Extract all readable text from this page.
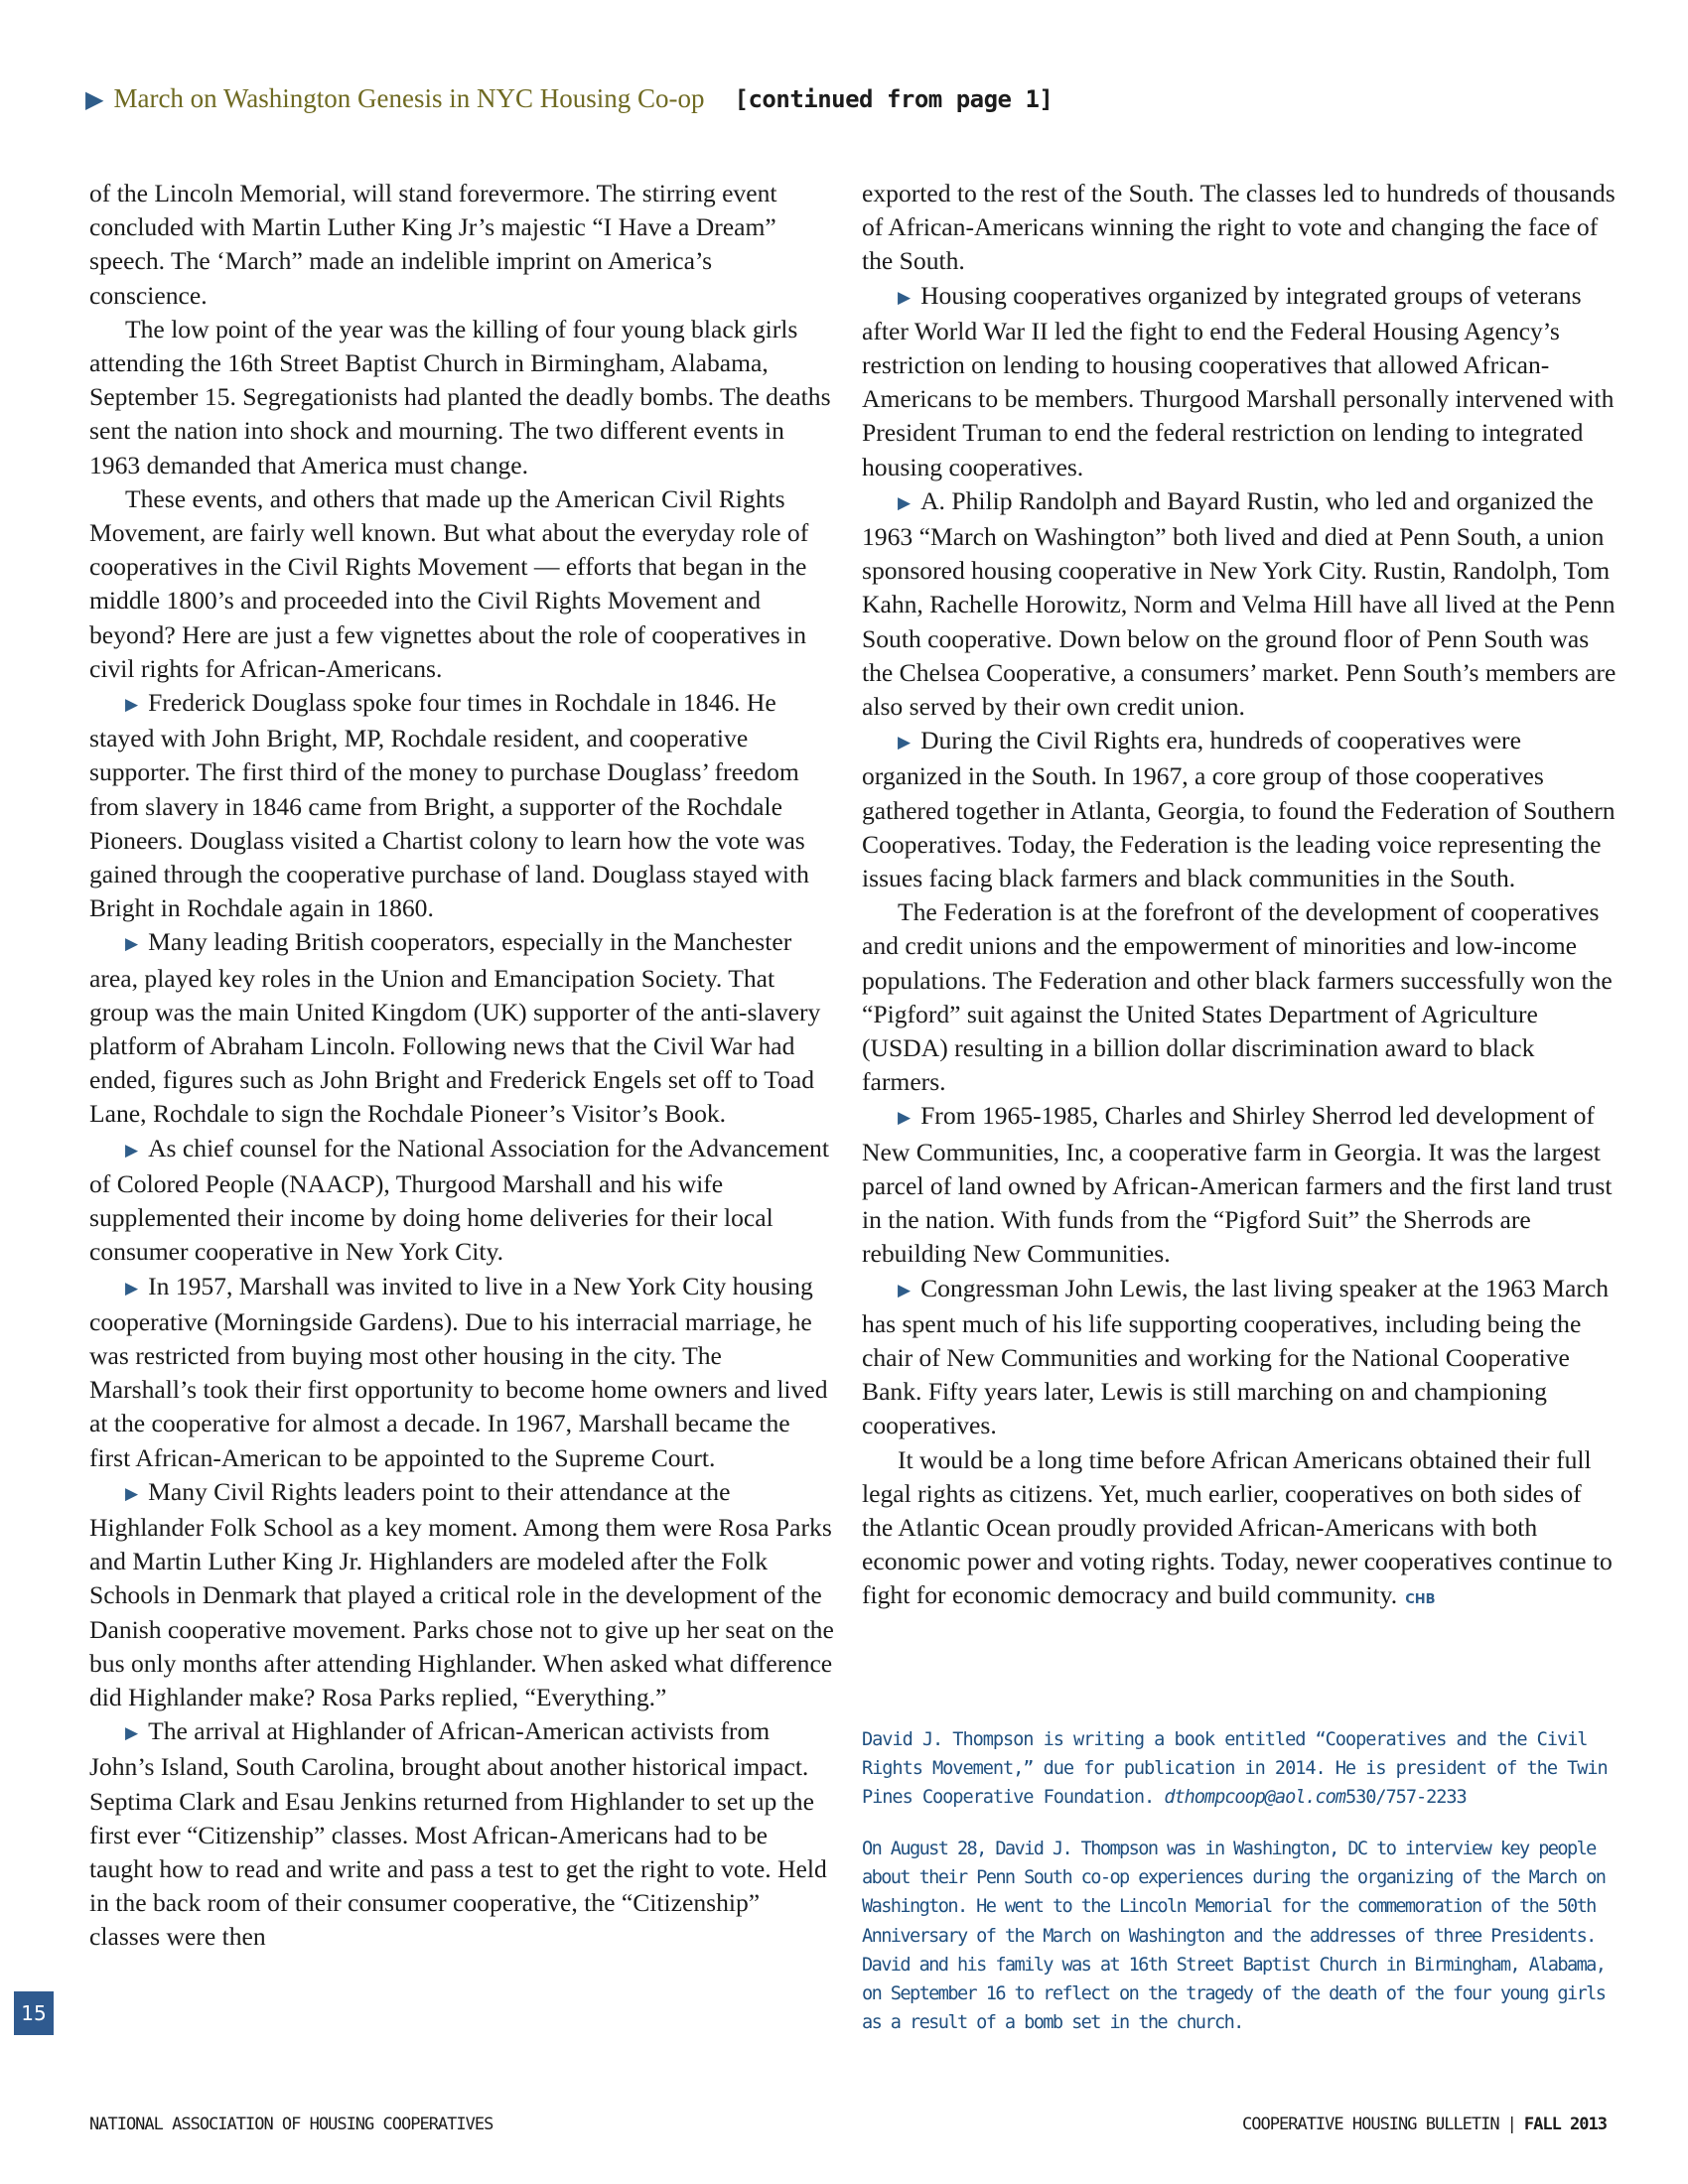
▶ March on Washington Genesis in NYC Housing Co-op [continued from page 1]

of the Lincoln Memorial, will stand forevermore. The stirring event concluded with Martin Luther King Jr’s majestic “I Have a Dream” speech. The ‘March” made an indelible imprint on America’s conscience.

The low point of the year was the killing of four young black girls attending the 16th Street Baptist Church in Birmingham, Alabama, September 15. Segregationists had planted the deadly bombs. The deaths sent the nation into shock and mourning. The two different events in 1963 demanded that America must change.

These events, and others that made up the American Civil Rights Movement, are fairly well known. But what about the everyday role of cooperatives in the Civil Rights Movement — efforts that began in the middle 1800’s and proceeded into the Civil Rights Movement and beyond? Here are just a few vignettes about the role of cooperatives in civil rights for African-Americans.

▶ Frederick Douglass spoke four times in Rochdale in 1846. He stayed with John Bright, MP, Rochdale resident, and cooperative supporter. The first third of the money to purchase Douglass’ freedom from slavery in 1846 came from Bright, a supporter of the Rochdale Pioneers. Douglass visited a Chartist colony to learn how the vote was gained through the cooperative purchase of land. Douglass stayed with Bright in Rochdale again in 1860.

▶ Many leading British cooperators, especially in the Manchester area, played key roles in the Union and Emancipation Society. That group was the main United Kingdom (UK) supporter of the anti-slavery platform of Abraham Lincoln. Following news that the Civil War had ended, figures such as John Bright and Frederick Engels set off to Toad Lane, Rochdale to sign the Rochdale Pioneer’s Visitor’s Book.

▶ As chief counsel for the National Association for the Advancement of Colored People (NAACP), Thurgood Marshall and his wife supplemented their income by doing home deliveries for their local consumer cooperative in New York City.

▶ In 1957, Marshall was invited to live in a New York City housing cooperative (Morningside Gardens). Due to his interracial marriage, he was restricted from buying most other housing in the city. The Marshall’s took their first opportunity to become home owners and lived at the cooperative for almost a decade. In 1967, Marshall became the first African-American to be appointed to the Supreme Court.

▶ Many Civil Rights leaders point to their attendance at the Highlander Folk School as a key moment. Among them were Rosa Parks and Martin Luther King Jr. Highlanders are modeled after the Folk Schools in Denmark that played a critical role in the development of the Danish cooperative movement. Parks chose not to give up her seat on the bus only months after attending Highlander. When asked what difference did Highlander make? Rosa Parks replied, “Everything.”

▶ The arrival at Highlander of African-American activists from John’s Island, South Carolina, brought about another historical impact. Septima Clark and Esau Jenkins returned from Highlander to set up the first ever “Citizenship” classes. Most African-Americans had to be taught how to read and write and pass a test to get the right to vote. Held in the back room of their consumer cooperative, the “Citizenship” classes were then

exported to the rest of the South. The classes led to hundreds of thousands of African-Americans winning the right to vote and changing the face of the South.

▶ Housing cooperatives organized by integrated groups of veterans after World War II led the fight to end the Federal Housing Agency’s restriction on lending to housing cooperatives that allowed African-Americans to be members. Thurgood Marshall personally intervened with President Truman to end the federal restriction on lending to integrated housing cooperatives.

▶ A. Philip Randolph and Bayard Rustin, who led and organized the 1963 “March on Washington” both lived and died at Penn South, a union sponsored housing cooperative in New York City. Rustin, Randolph, Tom Kahn, Rachelle Horowitz, Norm and Velma Hill have all lived at the Penn South cooperative. Down below on the ground floor of Penn South was the Chelsea Cooperative, a consumers’ market. Penn South’s members are also served by their own credit union.

▶ During the Civil Rights era, hundreds of cooperatives were organized in the South. In 1967, a core group of those cooperatives gathered together in Atlanta, Georgia, to found the Federation of Southern Cooperatives. Today, the Federation is the leading voice representing the issues facing black farmers and black communities in the South.

The Federation is at the forefront of the development of cooperatives and credit unions and the empowerment of minorities and low-income populations. The Federation and other black farmers successfully won the “Pigford” suit against the United States Department of Agriculture (USDA) resulting in a billion dollar discrimination award to black farmers.

▶ From 1965-1985, Charles and Shirley Sherrod led development of New Communities, Inc, a cooperative farm in Georgia. It was the largest parcel of land owned by African-American farmers and the first land trust in the nation. With funds from the “Pigford Suit” the Sherrods are rebuilding New Communities.

▶ Congressman John Lewis, the last living speaker at the 1963 March has spent much of his life supporting cooperatives, including being the chair of New Communities and working for the National Cooperative Bank. Fifty years later, Lewis is still marching on and championing cooperatives.

It would be a long time before African Americans obtained their full legal rights as citizens. Yet, much earlier, cooperatives on both sides of the Atlantic Ocean proudly provided African-Americans with both economic power and voting rights. Today, newer cooperatives continue to fight for economic democracy and build community. CHB

David J. Thompson is writing a book entitled “Cooperatives and the Civil Rights Movement,” due for publication in 2014. He is president of the Twin Pines Cooperative Foundation. dthompcoop@aol.com530/757-2233

On August 28, David J. Thompson was in Washington, DC to interview key people about their Penn South co-op experiences during the organizing of the March on Washington. He went to the Lincoln Memorial for the commemoration of the 50th Anniversary of the March on Washington and the addresses of three Presidents. David and his family was at 16th Street Baptist Church in Birmingham, Alabama, on September 16 to reflect on the tragedy of the death of the four young girls as a result of a bomb set in the church.

15
NATIONAL ASSOCIATION OF HOUSING COOPERATIVES	COOPERATIVE HOUSING BULLETIN | FALL 2013
